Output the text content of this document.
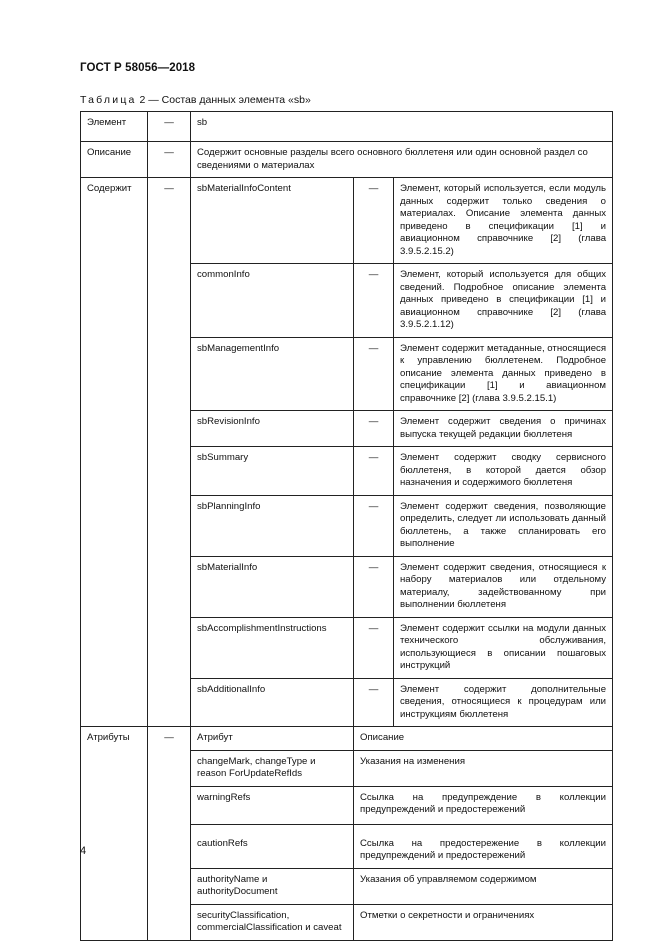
ГОСТ Р 58056—2018
Таблица 2 — Состав данных элемента «sb»
Элемент	—	sb		
Описание	—	Содержит основные разделы всего основного бюллетеня или один основной раздел со сведениями о материалах		
Содержит	—	sbMaterialInfoContent	—	Элемент, который используется, если модуль данных содержит только сведения о материалах. Описание элемента данных приведено в спецификации [1] и авиационном справочнике [2] (глава 3.9.5.2.15.2)
		commonInfo	—	Элемент, который используется для общих сведений. Подробное описание элемента данных приведено в спецификации [1] и авиационном справочнике [2] (глава 3.9.5.2.1.12)
		sbManagementInfo	—	Элемент содержит метаданные, относящиеся к управлению бюллетенем. Подробное описание элемента данных приведено в спецификации [1] и авиационном справочнике [2] (глава 3.9.5.2.15.1)
		sbRevisionInfo	—	Элемент содержит сведения о причинах выпуска текущей редакции бюллетеня
		sbSummary	—	Элемент содержит сводку сервисного бюллетеня, в которой дается обзор назначения и содержимого бюллетеня
		sbPlanningInfo	—	Элемент содержит сведения, позволяющие определить, следует ли использовать данный бюллетень, а также спланировать его выполнение
		sbMaterialInfo	—	Элемент содержит сведения, относящиеся к набору материалов или отдельному материалу, задействованному при выполнении бюллетеня
		sbAccomplishmentInstructions	—	Элемент содержит ссылки на модули данных технического обслуживания, использующиеся в описании пошаговых инструкций
		sbAdditionalInfo	—	Элемент содержит дополнительные сведения, относящиеся к процедурам или инструкциям бюллетеня
Атрибуты	—	Атрибут	Описание	
		changeMark, changeType и reason ForUpdateRefIds	Указания на изменения	
		warningRefs	Ссылка на предупреждение в коллекции предупреждений и предостережений	
		cautionRefs	Ссылка на предостережение в коллекции предупреждений и предостережений	
		authorityName и authorityDocument	Указания об управляемом содержимом	
		securityClassification, commercialClassification и caveat	Отметки о секретности и ограничениях	
4
